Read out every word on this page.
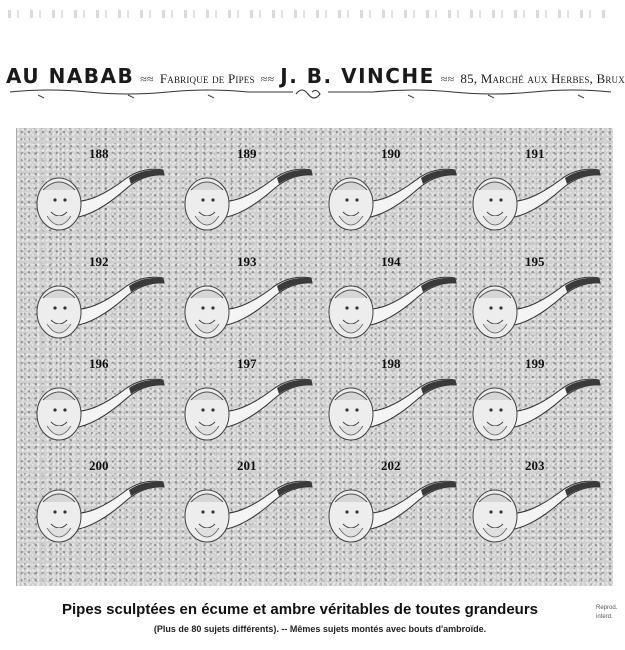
AU NABAB ≈≈ Fabrique de Pipes ≈≈ J. B. VINCHE ≈≈ 85, Marché aux Herbes, Brux
188
192
196
200
189
193
197
201
190
194
198
202
191
195
199
203
Pipes sculptées en écume et ambre véritables de toutes grandeurs
(Plus de 80 sujets différents). -- Mêmes sujets montés avec bouts d'ambroïde.
Reprod.
interd.
